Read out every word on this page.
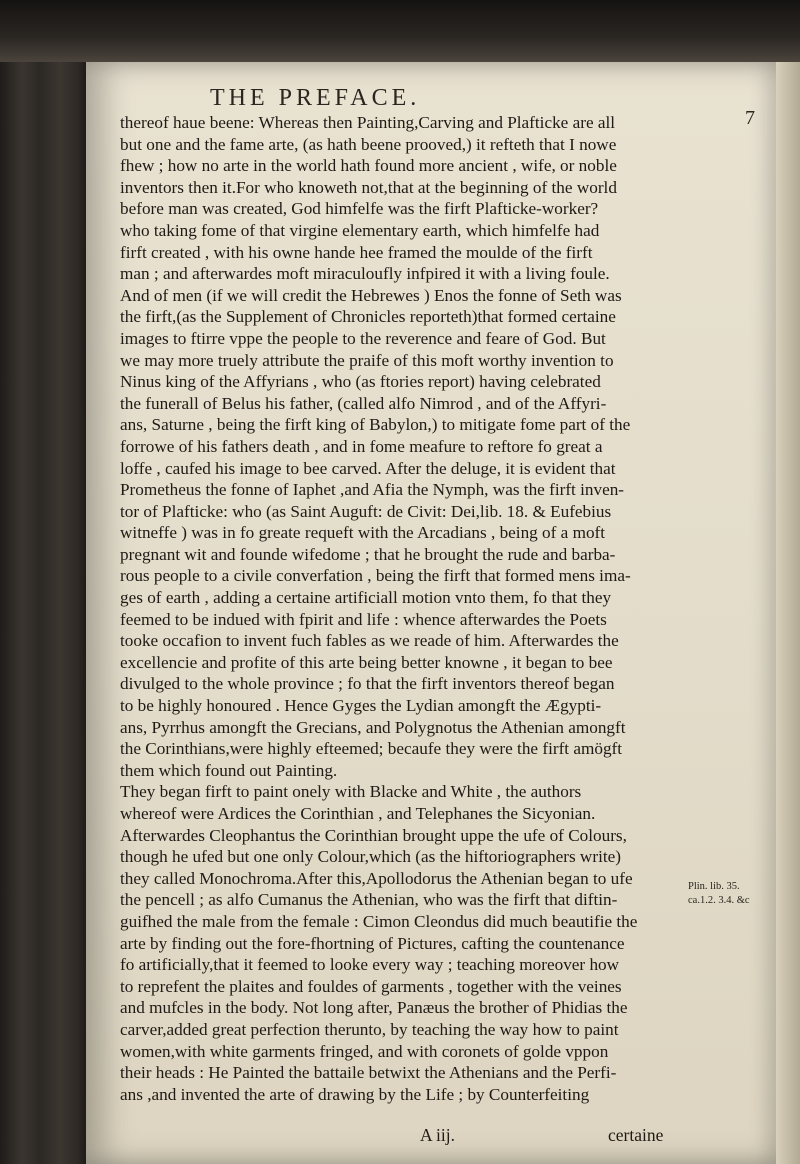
THE PREFACE.
7
thereof haue beene: Whereas then Painting,Carving and Plafticke are all
but one and the fame arte, (as hath beene prooved,) it refteth that I nowe
fhew ; how no arte in the world hath found more ancient , wife, or noble
inventors then it.For who knoweth not,that at the beginning of the world
before man was created, God himfelfe was the firft Plafticke-worker?
who taking fome of that virgine elementary earth, which himfelfe had
firft created , with his owne hande hee framed the moulde of the firft
man ; and afterwardes moft miraculoufly infpired it with a living foule.
And of men (if we will credit the Hebrewes ) Enos the fonne of Seth was
the firft,(as the Supplement of Chronicles reporteth)that formed certaine
images to ftirre vppe the people to the reverence and feare of God. But
we may more truely attribute the praife of this moft worthy invention to
Ninus king of the Affyrians , who (as ftories report) having celebrated
the funerall of Belus his father, (called alfo Nimrod , and of the Affyri-
ans, Saturne , being the firft king of Babylon,) to mitigate fome part of the
forrowe of his fathers death , and in fome meafure to reftore fo great a
loffe , caufed his image to bee carved. After the deluge, it is evident that
Prometheus the fonne of Iaphet ,and Afia the Nymph, was the firft inven-
tor of Plafticke: who (as Saint Auguft: de Civit: Dei,lib. 18. & Eufebius
witneffe ) was in fo greate requeft with the Arcadians , being of a moft
pregnant wit and founde wifedome ; that he brought the rude and barba-
rous people to a civile converfation , being the firft that formed mens ima-
ges of earth , adding a certaine artificiall motion vnto them, fo that they
feemed to be indued with fpirit and life : whence afterwardes the Poets
tooke occafion to invent fuch fables as we reade of him. Afterwardes the
excellencie and profite of this arte being better knowne , it began to bee
divulged to the whole province ; fo that the firft inventors thereof began
to be highly honoured . Hence Gyges the Lydian amongft the Ægypti-
ans, Pyrrhus amongft the Grecians, and Polygnotus the Athenian amongft
the Corinthians,were highly efteemed; becaufe they were the firft amögft
them which found out Painting.
They began firft to paint onely with Blacke and White , the authors
whereof were Ardices the Corinthian , and Telephanes the Sicyonian.
Afterwardes Cleophantus the Corinthian brought uppe the ufe of Colours,
though he ufed but one only Colour,which (as the hiftoriographers write)
they called Monochroma.After this,Apollodorus the Athenian began to ufe
the pencell ; as alfo Cumanus the Athenian, who was the firft that diftin-
guifhed the male from the female : Cimon Cleondus did much beautifie the
arte by finding out the fore-fhortning of Pictures, cafting the countenance
fo artificially,that it feemed to looke every way ; teaching moreover how
to reprefent the plaites and fouldes of garments , together with the veines
and mufcles in the body. Not long after, Panæus the brother of Phidias the
carver,added great perfection therunto, by teaching the way how to paint
women,with white garments fringed, and with coronets of golde vppon
their heads : He Painted the battaile betwixt the Athenians and the Perfi-
ans ,and invented the arte of drawing by the Life ; by Counterfeiting
Plin. lib. 35.
ca.1.2. 3.4. &c
A iij.	certaine
